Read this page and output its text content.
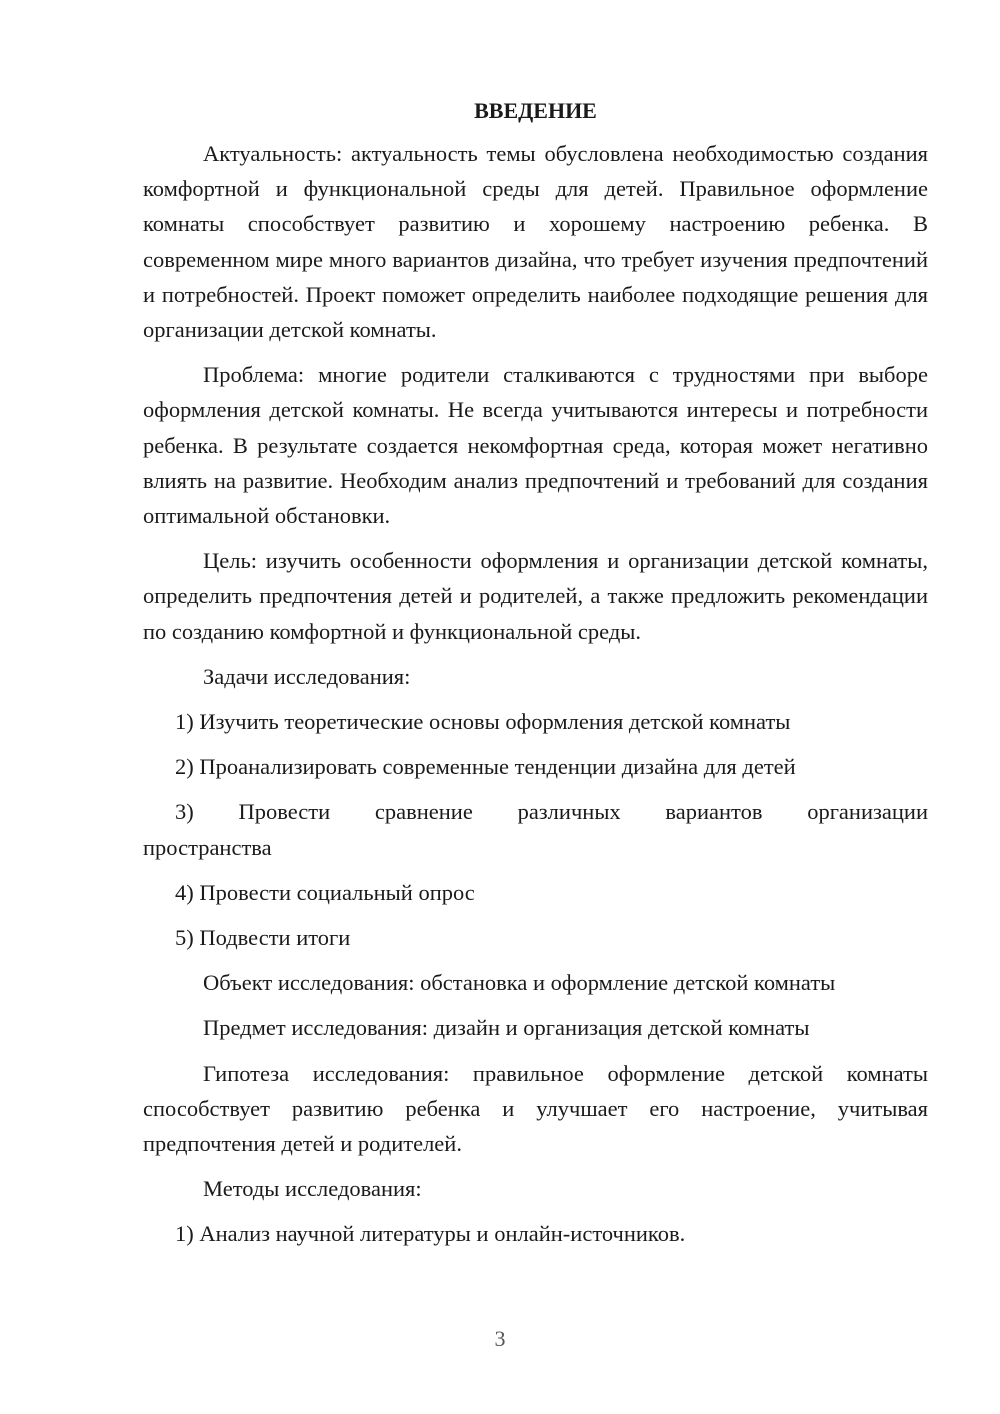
ВВЕДЕНИЕ

Актуальность: актуальность темы обусловлена необходимостью создания комфортной и функциональной среды для детей. Правильное оформление комнаты способствует развитию и хорошему настроению ребенка. В современном мире много вариантов дизайна, что требует изучения предпочтений и потребностей. Проект поможет определить наиболее подходящие решения для организации детской комнаты.

Проблема: многие родители сталкиваются с трудностями при выборе оформления детской комнаты. Не всегда учитываются интересы и потребности ребенка. В результате создается некомфортная среда, которая может негативно влиять на развитие. Необходим анализ предпочтений и требований для создания оптимальной обстановки.

Цель: изучить особенности оформления и организации детской комнаты, определить предпочтения детей и родителей, а также предложить рекомендации по созданию комфортной и функциональной среды.

Задачи исследования:

1) Изучить теоретические основы оформления детской комнаты

2) Проанализировать современные тенденции дизайна для детей

3) Провести сравнение различных вариантов организации
пространства

4) Провести социальный опрос

5) Подвести итоги

Объект исследования: обстановка и оформление детской комнаты

Предмет исследования: дизайн и организация детской комнаты

Гипотеза исследования: правильное оформление детской комнаты способствует развитию ребенка и улучшает его настроение, учитывая предпочтения детей и родителей.

Методы исследования:

1) Анализ научной литературы и онлайн-источников.

3
